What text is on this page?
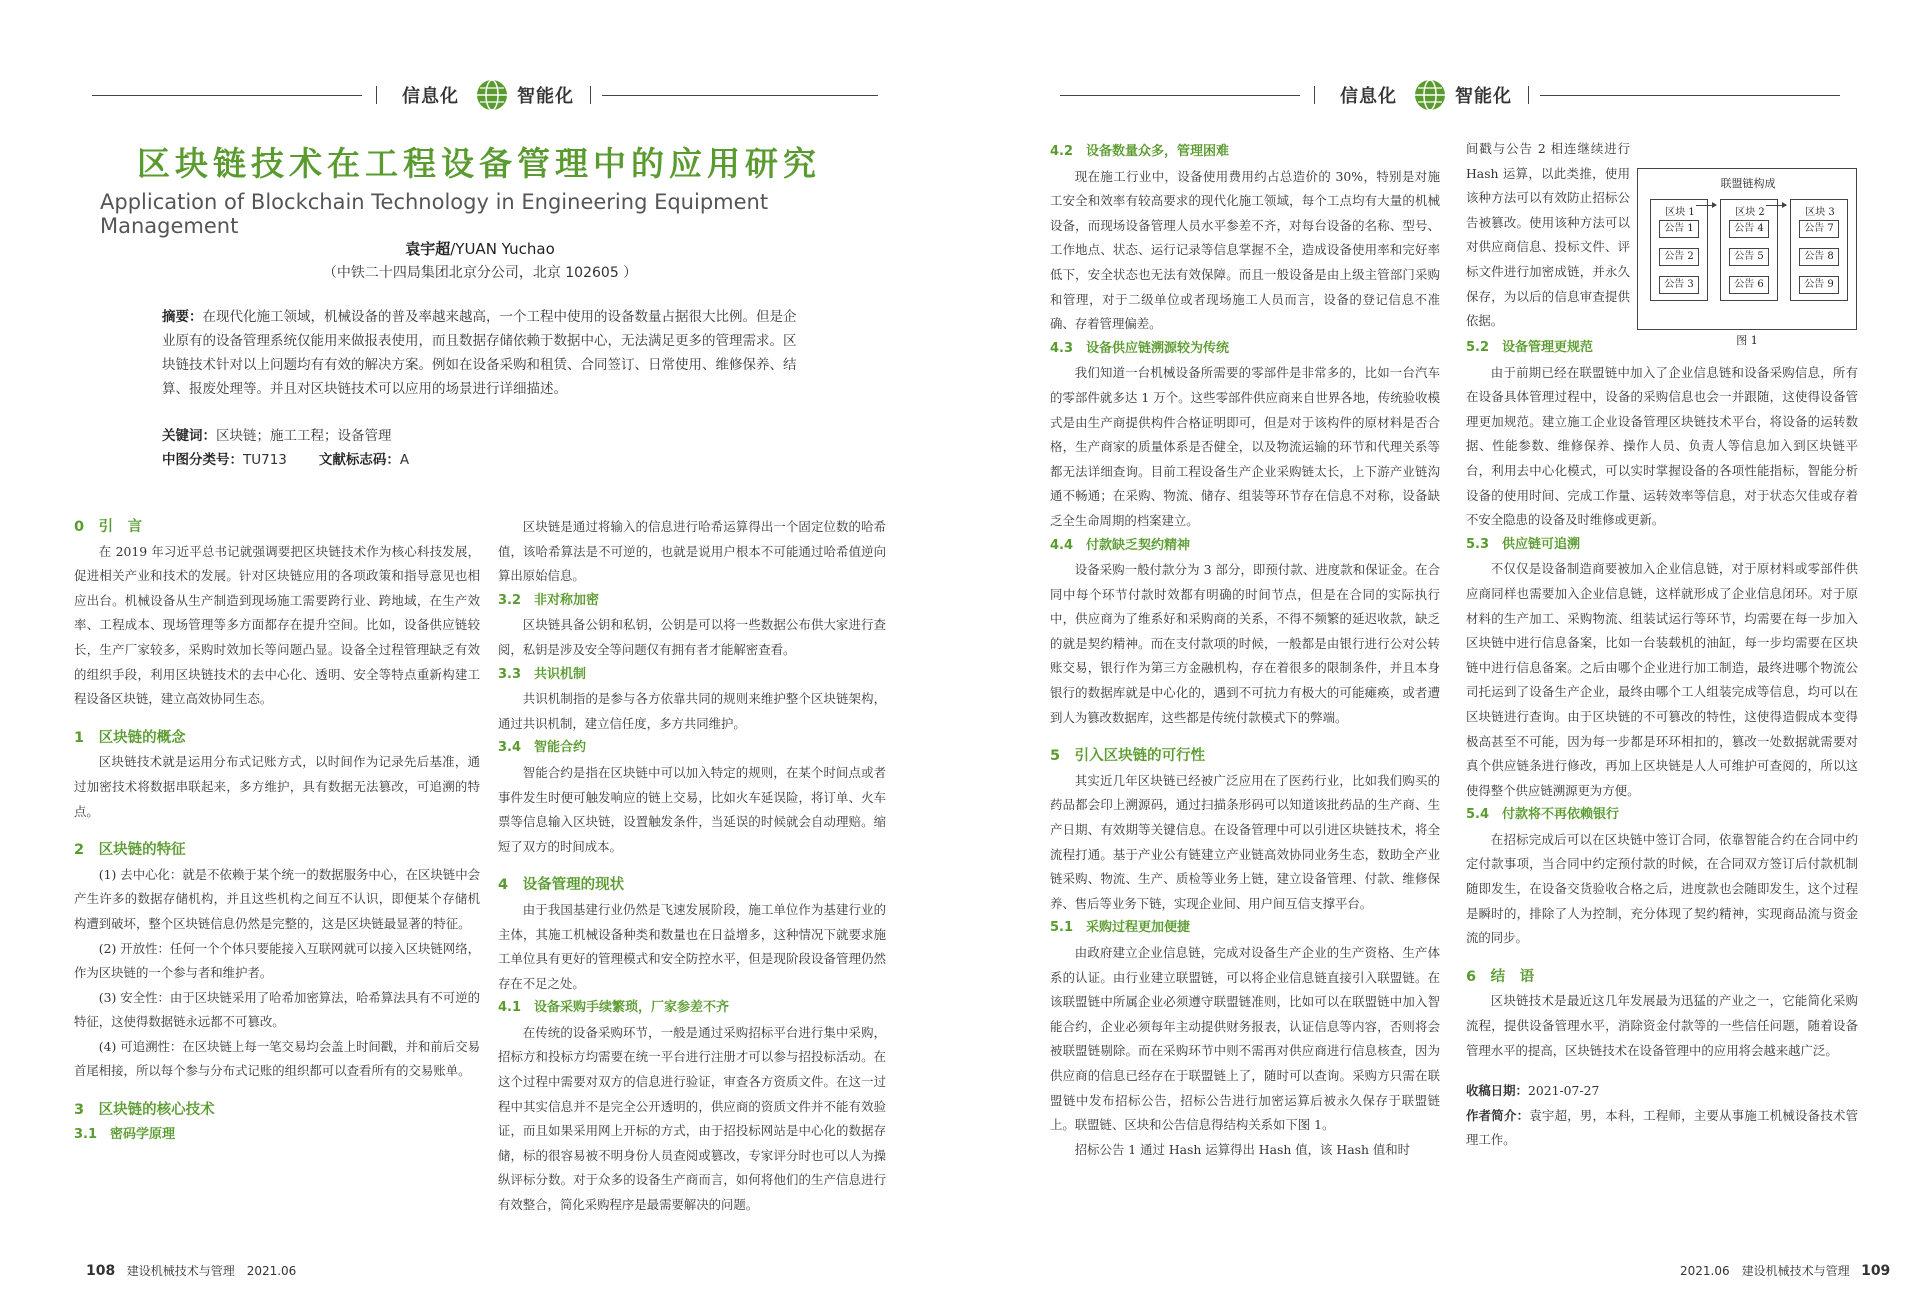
信息化	智能化
区块链技术在工程设备管理中的应用研究
Application of Blockchain Technology in Engineering Equipment Management
袁宇超/YUAN Yuchao
（中铁二十四局集团北京分公司，北京 102605 ）
摘要：在现代化施工领域，机械设备的普及率越来越高，一个工程中使用的设备数量占据很大比例。但是企业原有的设备管理系统仅能用来做报表使用，而且数据存储依赖于数据中心，无法满足更多的管理需求。区块链技术针对以上问题均有有效的解决方案。例如在设备采购和租赁、合同签订、日常使用、维修保养、结算、报废处理等。并且对区块链技术可以应用的场景进行详细描述。
关键词：区块链；施工工程；设备管理
中图分类号：TU713 文献标志码：A
0　引　言

在 2019 年习近平总书记就强调要把区块链技术作为核心科技发展，促进相关产业和技术的发展。针对区块链应用的各项政策和指导意见也相应出台。机械设备从生产制造到现场施工需要跨行业、跨地域，在生产效率、工程成本、现场管理等多方面都存在提升空间。比如，设备供应链较长，生产厂家较多，采购时效加长等问题凸显。设备全过程管理缺乏有效的组织手段，利用区块链技术的去中心化、透明、安全等特点重新构建工程设备区块链，建立高效协同生态。

1　区块链的概念

区块链技术就是运用分布式记账方式，以时间作为记录先后基准，通过加密技术将数据串联起来，多方维护，具有数据无法篡改，可追溯的特点。

2　区块链的特征

(1) 去中心化：就是不依赖于某个统一的数据服务中心，在区块链中会产生许多的数据存储机构，并且这些机构之间互不认识，即便某个存储机构遭到破坏，整个区块链信息仍然是完整的，这是区块链最显著的特征。

(2) 开放性：任何一个个体只要能接入互联网就可以接入区块链网络，作为区块链的一个参与者和维护者。

(3) 安全性：由于区块链采用了哈希加密算法，哈希算法具有不可逆的特征，这使得数据链永远都不可篡改。

(4) 可追溯性：在区块链上每一笔交易均会盖上时间戳，并和前后交易首尾相接，所以每个参与分布式记账的组织都可以查看所有的交易账单。

3　区块链的核心技术
3.1　密码学原理

区块链是通过将输入的信息进行哈希运算得出一个固定位数的哈希值，该哈希算法是不可逆的，也就是说用户根本不可能通过哈希值逆向算出原始信息。

3.2　非对称加密

区块链具备公钥和私钥，公钥是可以将一些数据公布供大家进行查阅，私钥是涉及安全等问题仅有拥有者才能解密查看。

3.3　共识机制

共识机制指的是参与各方依靠共同的规则来维护整个区块链架构，通过共识机制，建立信任度，多方共同维护。

3.4　智能合约

智能合约是指在区块链中可以加入特定的规则，在某个时间点或者事件发生时便可触发响应的链上交易，比如火车延误险，将订单、火车票等信息输入区块链，设置触发条件，当延误的时候就会自动理赔。缩短了双方的时间成本。

4　设备管理的现状

由于我国基建行业仍然是飞速发展阶段，施工单位作为基建行业的主体，其施工机械设备种类和数量也在日益增多，这种情况下就要求施工单位具有更好的管理模式和安全防控水平，但是现阶段设备管理仍然存在不足之处。

4.1　设备采购手续繁琐，厂家参差不齐

在传统的设备采购环节，一般是通过采购招标平台进行集中采购，招标方和投标方均需要在统一平台进行注册才可以参与招投标活动。在这个过程中需要对双方的信息进行验证，审查各方资质文件。在这一过程中其实信息并不是完全公开透明的，供应商的资质文件并不能有效验证，而且如果采用网上开标的方式，由于招投标网站是中心化的数据存储，标的很容易被不明身份人员查阅或篡改，专家评分时也可以人为操纵评标分数。对于众多的设备生产商而言，如何将他们的生产信息进行有效整合，简化采购程序是最需要解决的问题。

108 建设机械技术与管理　2021.06
信息化	智能化
4.2　设备数量众多，管理困难

现在施工行业中，设备使用费用约占总造价的 30%，特别是对施工安全和效率有较高要求的现代化施工领域，每个工点均有大量的机械设备，而现场设备管理人员水平参差不齐，对每台设备的名称、型号、工作地点、状态、运行记录等信息掌握不全，造成设备使用率和完好率低下，安全状态也无法有效保障。而且一般设备是由上级主管部门采购和管理，对于二级单位或者现场施工人员而言，设备的登记信息不准确、存着管理偏差。

4.3　设备供应链溯源较为传统

我们知道一台机械设备所需要的零部件是非常多的，比如一台汽车的零部件就多达 1 万个。这些零部件供应商来自世界各地，传统验收模式是由生产商提供构件合格证明即可，但是对于该构件的原材料是否合格，生产商家的质量体系是否健全，以及物流运输的环节和代理关系等都无法详细查询。目前工程设备生产企业采购链太长，上下游产业链沟通不畅通；在采购、物流、储存、组装等环节存在信息不对称，设备缺乏全生命周期的档案建立。

4.4　付款缺乏契约精神

设备采购一般付款分为 3 部分，即预付款、进度款和保证金。在合同中每个环节付款时效都有明确的时间节点，但是在合同的实际执行中，供应商为了维系好和采购商的关系，不得不频繁的延迟收款，缺乏的就是契约精神。而在支付款项的时候，一般都是由银行进行公对公转账交易，银行作为第三方金融机构，存在着很多的限制条件，并且本身银行的数据库就是中心化的，遇到不可抗力有极大的可能瘫痪，或者遭到人为篡改数据库，这些都是传统付款模式下的弊端。

5　引入区块链的可行性

其实近几年区块链已经被广泛应用在了医药行业，比如我们购买的药品都会印上溯源码，通过扫描条形码可以知道该批药品的生产商、生产日期、有效期等关键信息。在设备管理中可以引进区块链技术，将全流程打通。基于产业公有链建立产业链高效协同业务生态，数助全产业链采购、物流、生产、质检等业务上链，建立设备管理、付款、维修保养、售后等业务下链，实现企业间、用户间互信支撑平台。

5.1　采购过程更加便捷

由政府建立企业信息链，完成对设备生产企业的生产资格、生产体系的认证。由行业建立联盟链，可以将企业信息链直接引入联盟链。在该联盟链中所属企业必须遵守联盟链准则，比如可以在联盟链中加入智能合约，企业必须每年主动提供财务报表，认证信息等内容，否则将会被联盟链剔除。而在采购环节中则不需再对供应商进行信息核查，因为供应商的信息已经存在于联盟链上了，随时可以查询。采购方只需在联盟链中发布招标公告，招标公告进行加密运算后被永久保存于联盟链上。联盟链、区块和公告信息得结构关系如下图 1。

招标公告 1 通过 Hash 运算得出 Hash 值，该 Hash 值和时

间戳与公告 2 相连继续进行 Hash 运算，以此类推，使用该种方法可以有效防止招标公告被篡改。使用该种方法可以对供应商信息、投标文件、评标文件进行加密成链，并永久保存，为以后的信息审查提供依据。

联盟链构成
区块 1
公告 1
公告 2
公告 3
区块 2
公告 4
公告 5
公告 6
区块 3
公告 7
公告 8
公告 9
图 1
5.2　设备管理更规范

由于前期已经在联盟链中加入了企业信息链和设备采购信息，所有在设备具体管理过程中，设备的采购信息也会一并跟随，这使得设备管理更加规范。建立施工企业设备管理区块链技术平台，将设备的运转数据、性能参数、维修保养、操作人员、负责人等信息加入到区块链平台，利用去中心化模式，可以实时掌握设备的各项性能指标，智能分析设备的使用时间、完成工作量、运转效率等信息，对于状态欠佳或存着不安全隐患的设备及时维修或更新。

5.3　供应链可追溯

不仅仅是设备制造商要被加入企业信息链，对于原材料或零部件供应商同样也需要加入企业信息链，这样就形成了企业信息闭环。对于原材料的生产加工、采购物流、组装试运行等环节，均需要在每一步加入区块链中进行信息备案，比如一台装载机的油缸，每一步均需要在区块链中进行信息备案。之后由哪个企业进行加工制造，最终进哪个物流公司托运到了设备生产企业，最终由哪个工人组装完成等信息，均可以在区块链进行查询。由于区块链的不可篡改的特性，这使得造假成本变得极高甚至不可能，因为每一步都是环环相扣的，篡改一处数据就需要对真个供应链条进行修改，再加上区块链是人人可维护可查阅的，所以这使得整个供应链溯源更为方便。

5.4　付款将不再依赖银行

在招标完成后可以在区块链中签订合同，依靠智能合约在合同中约定付款事项，当合同中约定预付款的时候，在合同双方签订后付款机制随即发生，在设备交货验收合格之后，进度款也会随即发生，这个过程是瞬时的，排除了人为控制，充分体现了契约精神，实现商品流与资金流的同步。

6　结　语

区块链技术是最近这几年发展最为迅猛的产业之一，它能简化采购流程，提供设备管理水平，消除资金付款等的一些信任问题，随着设备管理水平的提高，区块链技术在设备管理中的应用将会越来越广泛。

收稿日期：2021-07-27

作者简介：袁宇超，男，本科，工程师，主要从事施工机械设备技术管理工作。

2021.06　建设机械技术与管理 109
